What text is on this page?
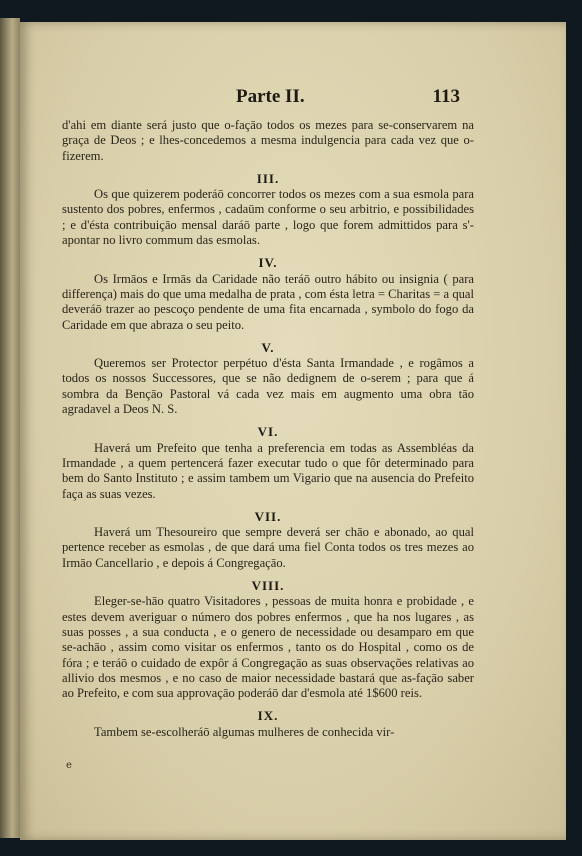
Parte II.	113

d'ahi em diante será justo que o-façāo todos os mezes para se-conservarem na graça de Deos ; e lhes-concedemos a mesma indulgencia para cada vez que o-fizerem.

III.

Os que quizerem poderáō concorrer todos os mezes com a sua esmola para sustento dos pobres, enfermos , cadaūm conforme o seu arbitrio, e possibilidades ; e d'ésta contribuiçāo mensal daráō parte , logo que forem admittidos para s'-apontar no livro commum das esmolas.

IV.

Os Irmāos e Irmās da Caridade não teráō outro hábito ou insignia ( para differença) mais do que uma medalha de prata , com ésta letra = Charitas = a qual deveráō trazer ao pescoço pendente de uma fita encarnada , symbolo do fogo da Caridade em que abraza o seu peito.

V.

Queremos ser Protector perpétuo d'ésta Santa Irmandade , e rogâmos a todos os nossos Successores, que se não dedignem de o-serem ; para que á sombra da Bençāo Pastoral vá cada vez mais em augmento uma obra tāo agradavel a Deos N. S.

VI.

Haverá um Prefeito que tenha a preferencia em todas as Assembléas da Irmandade , a quem pertencerá fazer executar tudo o que fôr determinado para bem do Santo Instituto ; e assim tambem um Vigario que na ausencia do Prefeito faça as suas vezes.

VII.

Haverá um Thesoureiro que sempre deverá ser chāo e abonado, ao qual pertence receber as esmolas , de que dará uma fiel Conta todos os tres mezes ao Irmāo Cancellario , e depois á Congregaçāo.

VIII.

Eleger-se-hāo quatro Visitadores , pessoas de muita honra e probidade , e estes devem averiguar o número dos pobres enfermos , que ha nos lugares , as suas posses , a sua conducta , e o genero de necessidade ou desamparo em que se-achāo , assim como visitar os enfermos , tanto os do Hospital , como os de fóra ; e teráō o cuidado de expôr á Congregaçāo as suas observações relativas ao allivio dos mesmos , e no caso de maior necessidade bastará que as-façāo saber ao Prefeito, e com sua approvaçāo poderáō dar d'esmola até 1$600 reis.

IX.

Tambem se-escolheráō algumas mulheres de conhecida vir-

e
